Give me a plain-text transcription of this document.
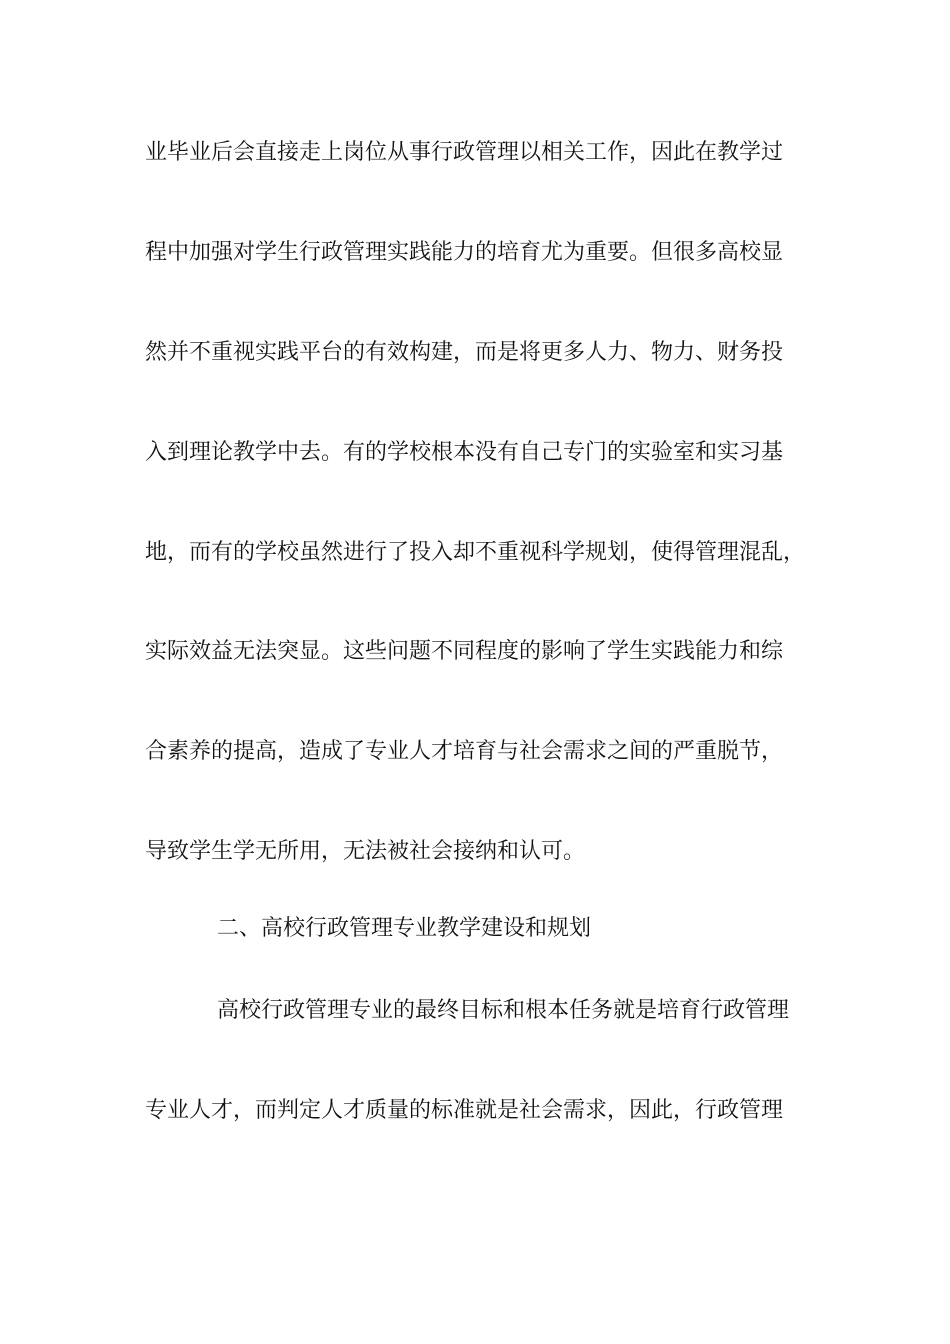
业毕业后会直接走上岗位从事行政管理以相关工作，因此在教学过
程中加强对学生行政管理实践能力的培育尤为重要。但很多高校显
然并不重视实践平台的有效构建，而是将更多人力、物力、财务投
入到理论教学中去。有的学校根本没有自己专门的实验室和实习基
地，而有的学校虽然进行了投入却不重视科学规划，使得管理混乱，
实际效益无法突显。这些问题不同程度的影响了学生实践能力和综
合素养的提高，造成了专业人才培育与社会需求之间的严重脱节，
导致学生学无所用，无法被社会接纳和认可。
二、高校行政管理专业教学建设和规划
高校行政管理专业的最终目标和根本任务就是培育行政管理
专业人才，而判定人才质量的标准就是社会需求，因此，行政管理
